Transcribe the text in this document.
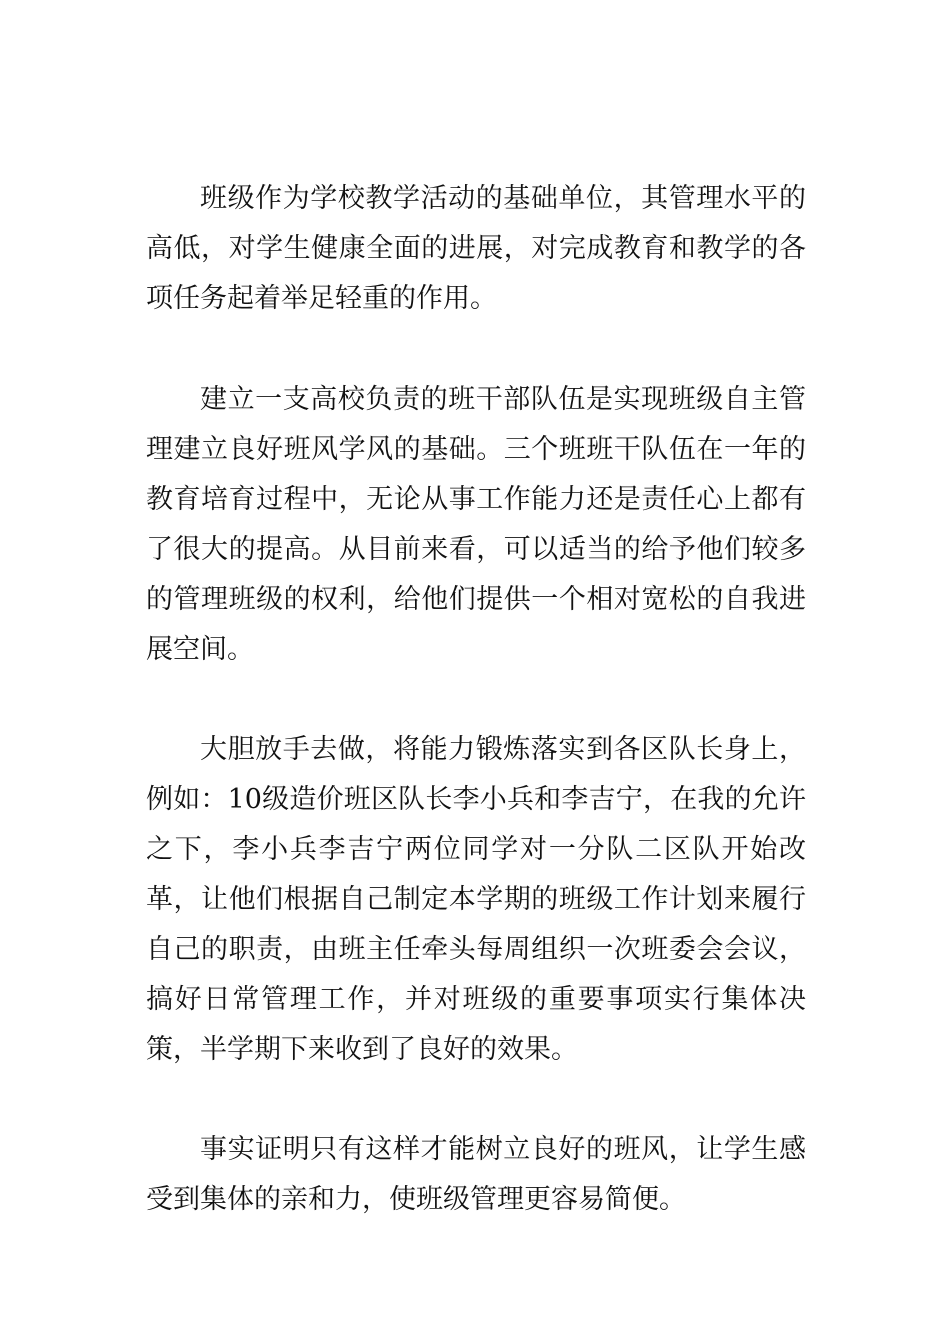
班级作为学校教学活动的基础单位，其管理水平的高低，对学生健康全面的进展，对完成教育和教学的各项任务起着举足轻重的作用。

建立一支高校负责的班干部队伍是实现班级自主管理建立良好班风学风的基础。三个班班干队伍在一年的教育培育过程中，无论从事工作能力还是责任心上都有了很大的提高。从目前来看，可以适当的给予他们较多的管理班级的权利，给他们提供一个相对宽松的自我进展空间。

大胆放手去做，将能力锻炼落实到各区队长身上，例如：10级造价班区队长李小兵和李吉宁，在我的允许之下，李小兵李吉宁两位同学对一分队二区队开始改革，让他们根据自己制定本学期的班级工作计划来履行自己的职责，由班主任牵头每周组织一次班委会会议，搞好日常管理工作，并对班级的重要事项实行集体决策，半学期下来收到了良好的效果。

事实证明只有这样才能树立良好的班风，让学生感受到集体的亲和力，使班级管理更容易简便。
